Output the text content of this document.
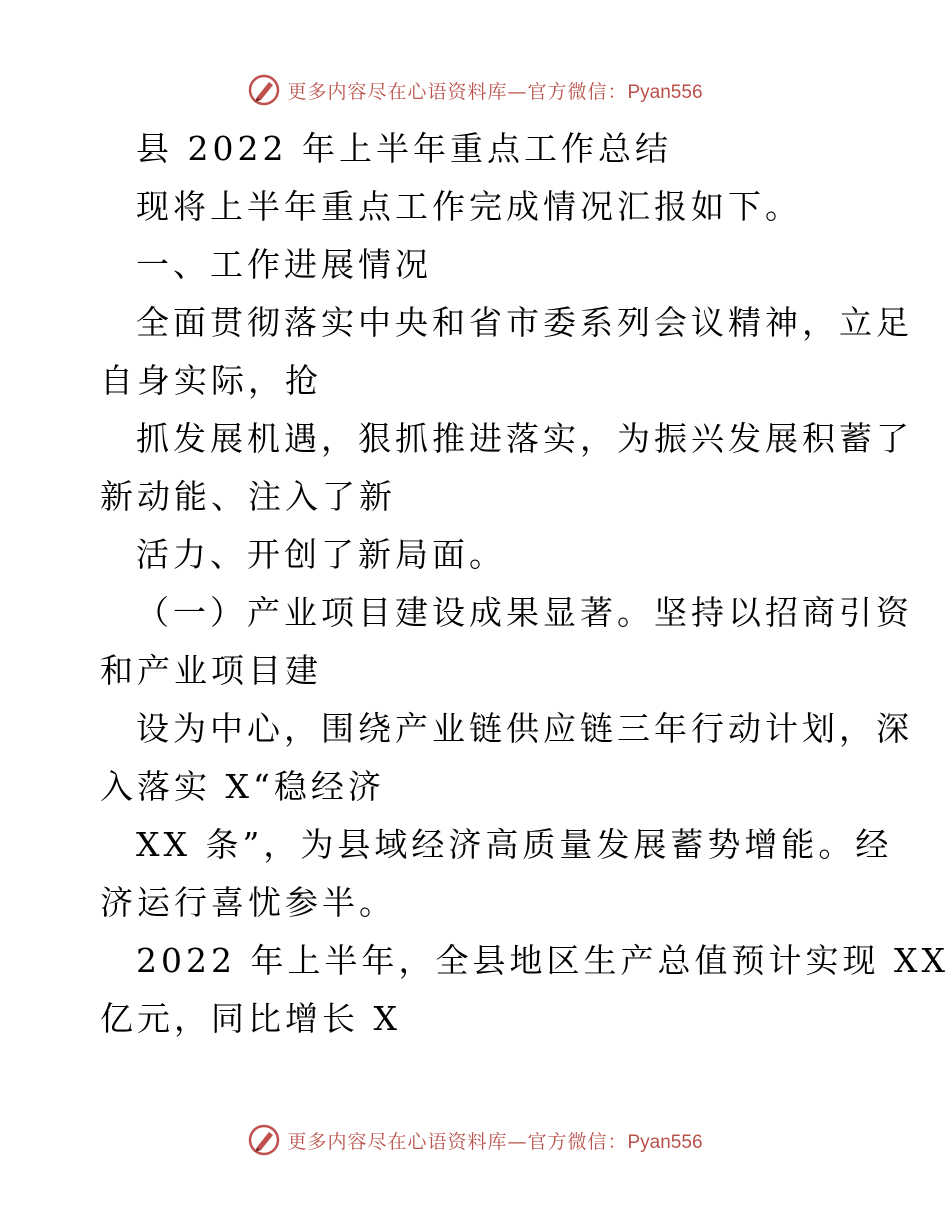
更多内容尽在心语资料库—官方微信：Pyan556
县 2022 年上半年重点工作总结
现将上半年重点工作完成情况汇报如下。
一、工作进展情况
全面贯彻落实中央和省市委系列会议精神，立足
自身实际，抢
抓发展机遇，狠抓推进落实，为振兴发展积蓄了
新动能、注入了新
活力、开创了新局面。
（一）产业项目建设成果显著。坚持以招商引资
和产业项目建
设为中心，围绕产业链供应链三年行动计划，深
入落实 X“稳经济
XX 条”，为县域经济高质量发展蓄势增能。经
济运行喜忧参半。
2022 年上半年，全县地区生产总值预计实现 XX
亿元，同比增长 X
更多内容尽在心语资料库—官方微信：Pyan556
